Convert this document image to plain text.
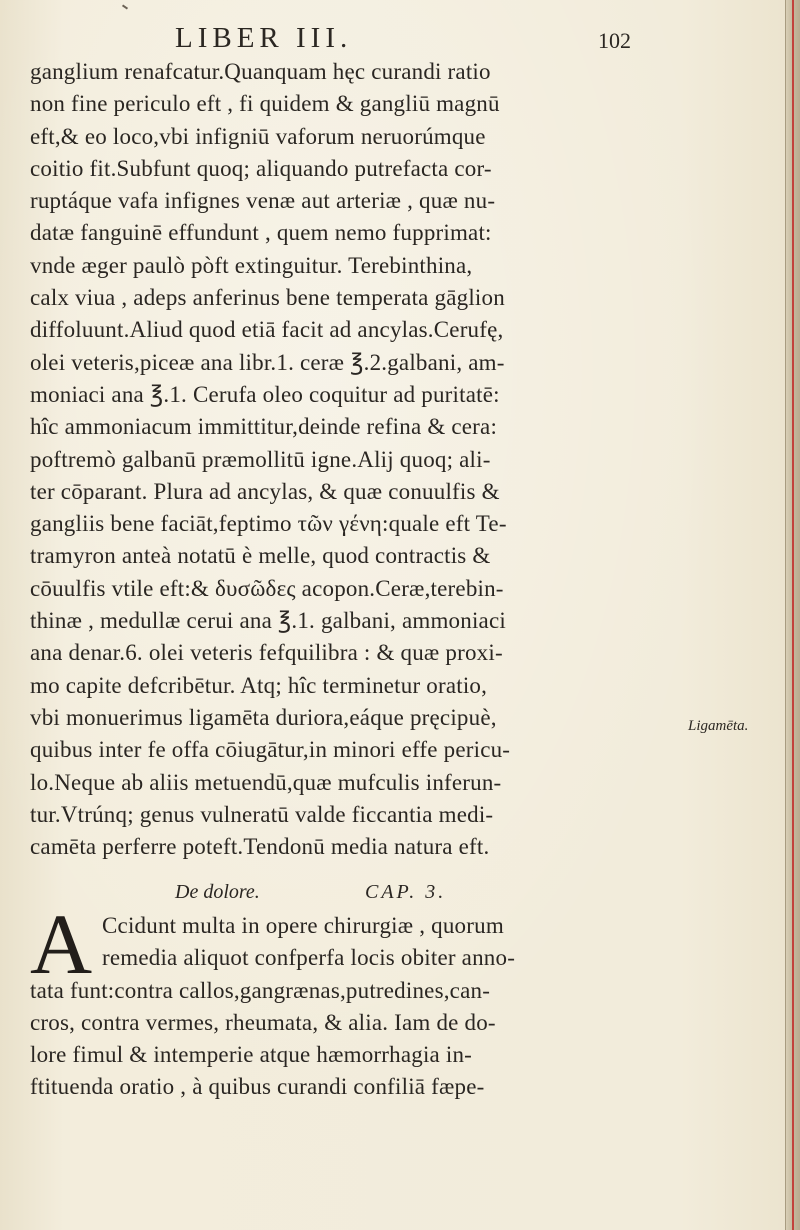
LIBER III.	102
ganglium renafcatur.Quanquam hęc curandi ratio
non fine periculo eft , fi quidem & gangliū magnū
eft,& eo loco,vbi infigniū vaforum neruorúmque
coitio fit.Subfunt quoq; aliquando putrefacta cor-
ruptáque vafa infignes venæ aut arteriæ , quæ nu-
datæ fanguinē effundunt , quem nemo fupprimat:
vnde æger paulò pòft extinguitur. Terebinthina,
calx viua , adeps anferinus bene temperata gāglion
diffoluunt.Aliud quod etiā facit ad ancylas.Cerufę,
olei veteris,piceæ ana libr.1. ceræ ℥.2.galbani, am-
moniaci ana ℥.1. Cerufa oleo coquitur ad puritatē:
hîc ammoniacum immittitur,deinde refina & cera:
poftremò galbanū præmollitū igne.Alij quoq; ali-
ter cōparant. Plura ad ancylas, & quæ conuulfis &
gangliis bene faciāt,feptimo τῶν γένη:quale eft Te-
tramyron anteà notatū è melle, quod contractis &
cōuulfis vtile eft:& δυσῶδες acopon.Ceræ,terebin-
thinæ , medullæ cerui ana ℥.1. galbani, ammoniaci
ana denar.6. olei veteris fefquilibra : & quæ proxi-
mo capite defcribētur. Atq; hîc terminetur oratio,
vbi monuerimus ligamēta duriora,eáque pręcipuè,
quibus inter fe offa cōiugātur,in minori effe pericu-
lo.Neque ab aliis metuendū,quæ mufculis inferun-
tur.Vtrúnq; genus vulneratū valde ficcantia medi-
camēta perferre poteft.Tendonū media natura eft.
Ligamēta.
De dolore.	CAP. 3.
A Ccidunt multa in opere chirurgiæ , quorum
remedia aliquot confperfa locis obiter anno-
tata funt:contra callos,gangrænas,putredines,can-
cros, contra vermes, rheumata, & alia. Iam de do-
lore fimul & intemperie atque hæmorrhagia in-
ftituenda oratio , à quibus curandi confiliā fæpe-
